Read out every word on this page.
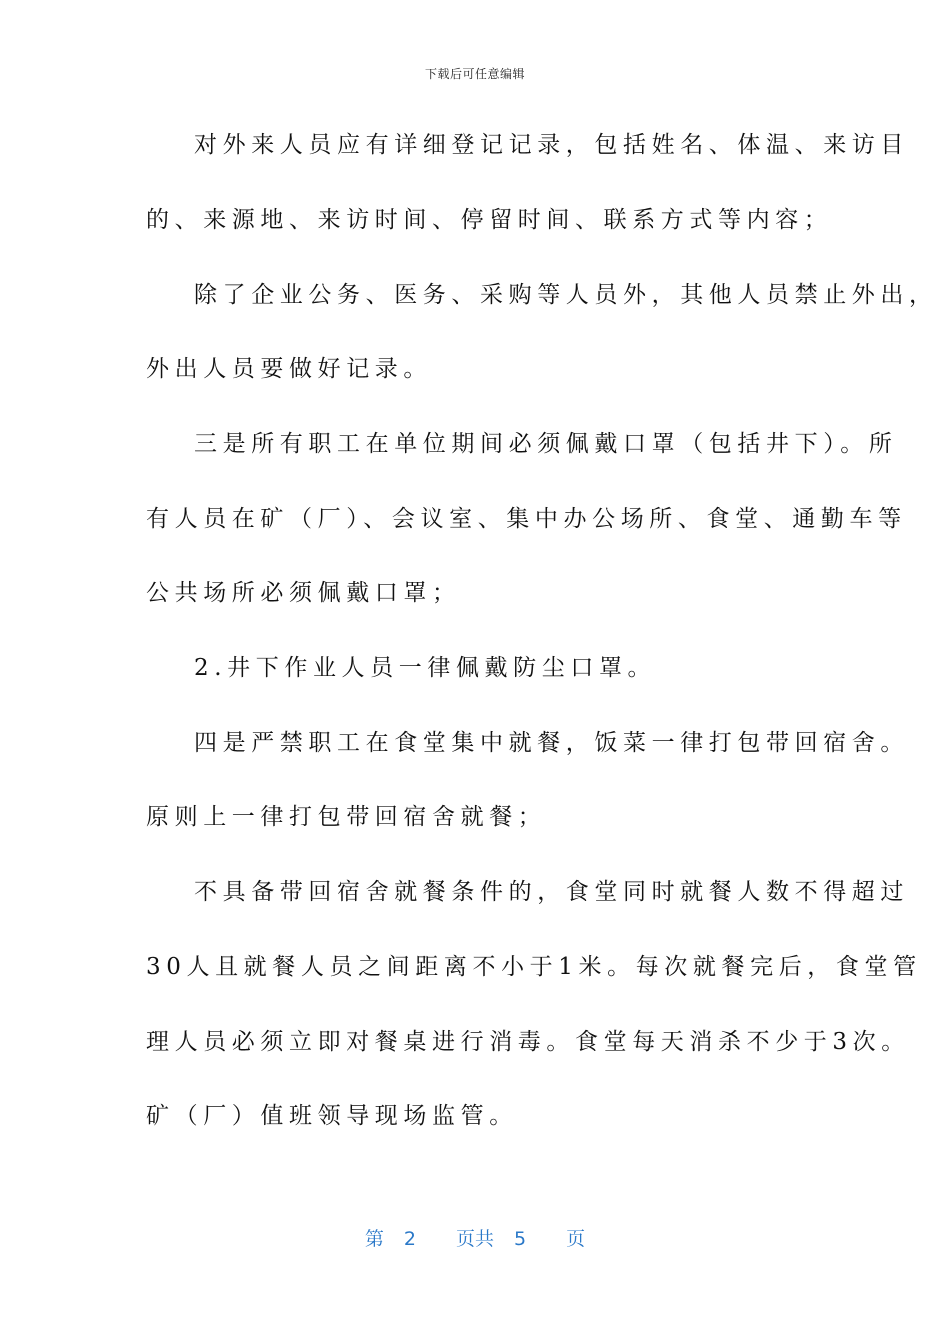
下载后可任意编辑
对外来人员应有详细登记记录，包括姓名、体温、来访目
的、来源地、来访时间、停留时间、联系方式等内容；
除了企业公务、医务、采购等人员外，其他人员禁止外出，
外出人员要做好记录。
三是所有职工在单位期间必须佩戴口罩（包括井下）。所
有人员在矿（厂）、会议室、集中办公场所、食堂、通勤车等
公共场所必须佩戴口罩；
2.井下作业人员一律佩戴防尘口罩。
四是严禁职工在食堂集中就餐，饭菜一律打包带回宿舍。
原则上一律打包带回宿舍就餐；
不具备带回宿舍就餐条件的，食堂同时就餐人数不得超过
30人且就餐人员之间距离不小于1米。每次就餐完后，食堂管
理人员必须立即对餐桌进行消毒。食堂每天消杀不少于3次。
矿（厂）值班领导现场监管。
第 2 页共 5 页
